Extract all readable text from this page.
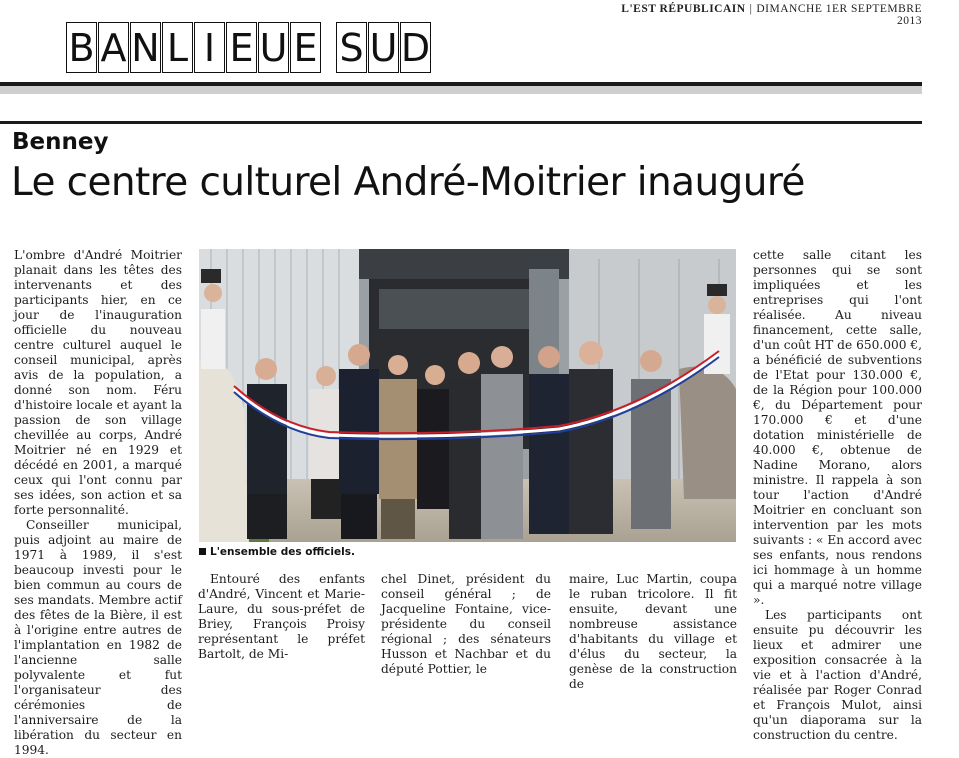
L'EST RÉPUBLICAIN | DIMANCHE 1ER SEPTEMBRE 2013
B A N L I E U E S U D
Benney
Le centre culturel André-Moitrier inauguré

L'ombre d'André Moitrier planait dans les têtes des intervenants et des participants hier, en ce jour de l'inauguration officielle du nouveau centre culturel auquel le conseil municipal, après avis de la population, a donné son nom. Féru d'histoire locale et ayant la passion de son village chevillée au corps, André Moitrier né en 1929 et décédé en 2001, a marqué ceux qui l'ont connu par ses idées, son action et sa forte personnalité.

Conseiller municipal, puis adjoint au maire de 1971 à 1989, il s'est beaucoup investi pour le bien commun au cours de ses mandats. Membre actif des fêtes de la Bière, il est à l'origine entre autres de l'implantation en 1982 de l'ancienne salle polyvalente et fut l'organisateur des cérémonies de l'anniversaire de la libération du secteur en 1994.

L'ensemble des officiels.

Entouré des enfants d'André, Vincent et Marie-Laure, du sous-préfet de Briey, François Proisy représentant le préfet Bartolt, de Mi-

chel Dinet, président du conseil général ; de Jacqueline Fontaine, vice-présidente du conseil régional ; des sénateurs Husson et Nachbar et du député Pottier, le

maire, Luc Martin, coupa le ruban tricolore. Il fit ensuite, devant une nombreuse assistance d'habitants du village et d'élus du secteur, la genèse de la construction de

cette salle citant les personnes qui se sont impliquées et les entreprises qui l'ont réalisée. Au niveau financement, cette salle, d'un coût HT de 650.000 €, a bénéficié de subventions de l'Etat pour 130.000 €, de la Région pour 100.000 €, du Département pour 170.000 € et d'une dotation ministérielle de 40.000 €, obtenue de Nadine Morano, alors ministre. Il rappela à son tour l'action d'André Moitrier en concluant son intervention par les mots suivants : « En accord avec ses enfants, nous rendons ici hommage à un homme qui a marqué notre village ».

Les participants ont ensuite pu découvrir les lieux et admirer une exposition consacrée à la vie et à l'action d'André, réalisée par Roger Conrad et François Mulot, ainsi qu'un diaporama sur la construction du centre.
